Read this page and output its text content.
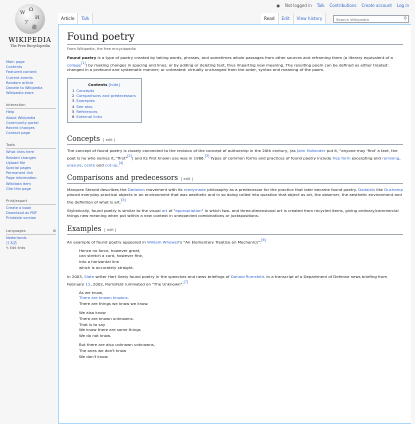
● Not logged in Talk Contributions Create account Log in
W Ω
И
ア
維
WIKIPEDIA
The Free Encyclopedia
Article	Talk	Read	Edit	View history	Search Wikipedia	⚲
Main page
Contents
Featured content
Current events
Random article
Donate to Wikipedia
Wikipedia store
Interaction
Help
About Wikipedia
Community portal
Recent changes
Contact page
Tools
What links here
Related changes
Upload file
Special pages
Permanent link
Page information
Wikidata item
Cite this page
Print/export
Create a book
Download as PDF
Printable version
Languages	⚙
Nederlands
日本語
✎ Edit links
Found poetry
From Wikipedia, the free encyclopedia

Found poetry is a type of poetry created by taking words, phrases, and sometimes whole passages from other sources and reframing them (a literary equivalent of a collage[1]) by making changes in spacing and lines, or by adding or deleting text, thus imparting new meaning. The resulting poem can be defined as either treated: changed in a profound and systematic manner; or untreated: virtually unchanged from the order, syntax and meaning of the poem.

Contents [hide]
1 Concepts
2 Comparisons and predecessors
3 Examples
4 See also
5 References
6 External links
Concepts [ edit ]

The concept of found poetry is closely connected to the revision of the concept of authorship in the 20th century, (as John Hollander put it, "anyone may 'find' a text, the poet is he who names it, "first"[2]) and its first known use was in 1966.[3] Types of common forms and practices of found poetry include free form excerpting and remixing, erasure, cento and cut-up.[4]

Comparisons and predecessors [ edit ]

Marquee Steroid describes the Dadaism movement with its readymade philosophy as a predecessor for the practice that later became found poetry. Dadaists like Duchamp placed everyday practical objects in an environment that was aesthetic and in so doing called into question that object as art, the observer, the aesthetic environment and the definition of what is art.[5]

Stylistically, found poetry is similar to the visual art of "appropriation" in which two- and three-dimensional art is created from recycled items, giving ordinary/commercial things new meaning when put within a new context in unexpected combinations or juxtapositions.

Examples [ edit ]

An example of found poetry appeared in William Whewell's "An Elementary Treatise on Mechanics":[6]

Hence no force, however great,
can stretch a cord, however fine,
into a horizontal line
which is accurately straight.

In 2003, Slate writer Hart Seely found poetry in the speeches and news briefings of Donald Rumsfeld. In a transcript of a Department of Defense news briefing from February 12, 2002, Rumsfeld ruminated on "The Unknown":[7]

As we know,
There are known knowns.
There are things we know we know.
We also know
There are known unknowns.
That is to say
We know there are some things
We do not know.
But there are also unknown unknowns,
The ones we don't know
We don't know.
